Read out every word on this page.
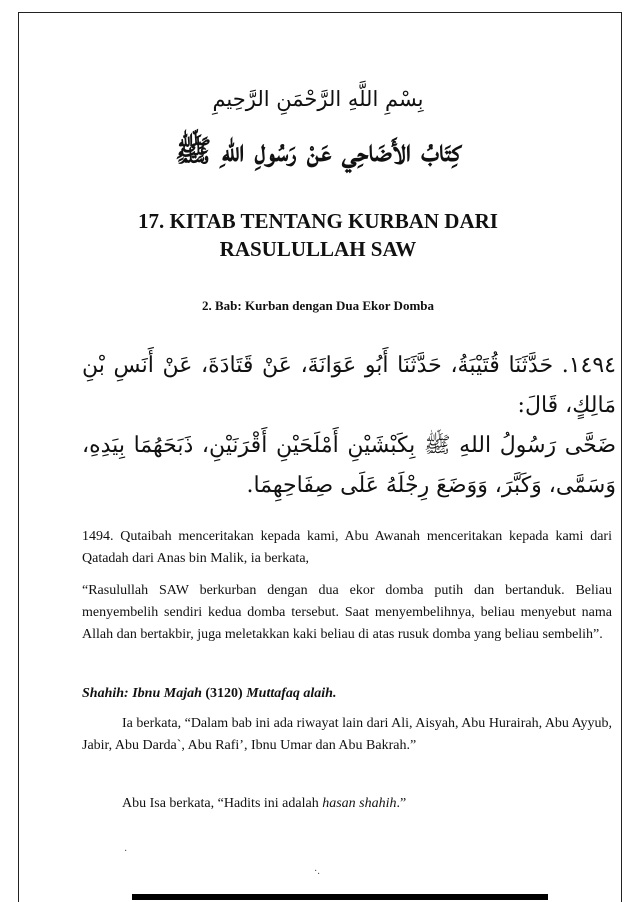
بِسْمِ اللَّهِ الرَّحْمَنِ الرَّحِيمِ
كِتَابُ الأَضَاحِي عَنْ رَسُولِ اللهِ ﷺ
17. KITAB TENTANG KURBAN DARI
RASULULLAH SAW
2. Bab: Kurban dengan Dua Ekor Domba
١٤٩٤. حَدَّثَنَا قُتَيْبَةُ، حَدَّثَنَا أَبُو عَوَانَةَ، عَنْ قَتَادَةَ، عَنْ أَنَسِ بْنِ مَالِكٍ، قَالَ:
ضَحَّى رَسُولُ اللهِ ﷺ بِكَبْشَيْنِ أَمْلَحَيْنِ أَقْرَنَيْنِ، ذَبَحَهُمَا بِيَدِهِ، وَسَمَّى، وَكَبَّرَ، وَوَضَعَ رِجْلَهُ عَلَى صِفَاحِهِمَا.
1494. Qutaibah menceritakan kepada kami, Abu Awanah menceritakan kepada kami dari Qatadah dari Anas bin Malik, ia berkata,
“Rasulullah SAW berkurban dengan dua ekor domba putih dan bertanduk. Beliau menyembelih sendiri kedua domba tersebut. Saat menyembelihnya, beliau menyebut nama Allah dan bertakbir, juga meletakkan kaki beliau di atas rusuk domba yang beliau sembelih”.
Shahih: Ibnu Majah (3120) Muttafaq alaih.
Ia berkata, “Dalam bab ini ada riwayat lain dari Ali, Aisyah, Abu Hurairah, Abu Ayyub, Jabir, Abu Darda`, Abu Rafi’, Ibnu Umar dan Abu Bakrah.”
Abu Isa berkata, “Hadits ini adalah hasan shahih.”
·
·.
